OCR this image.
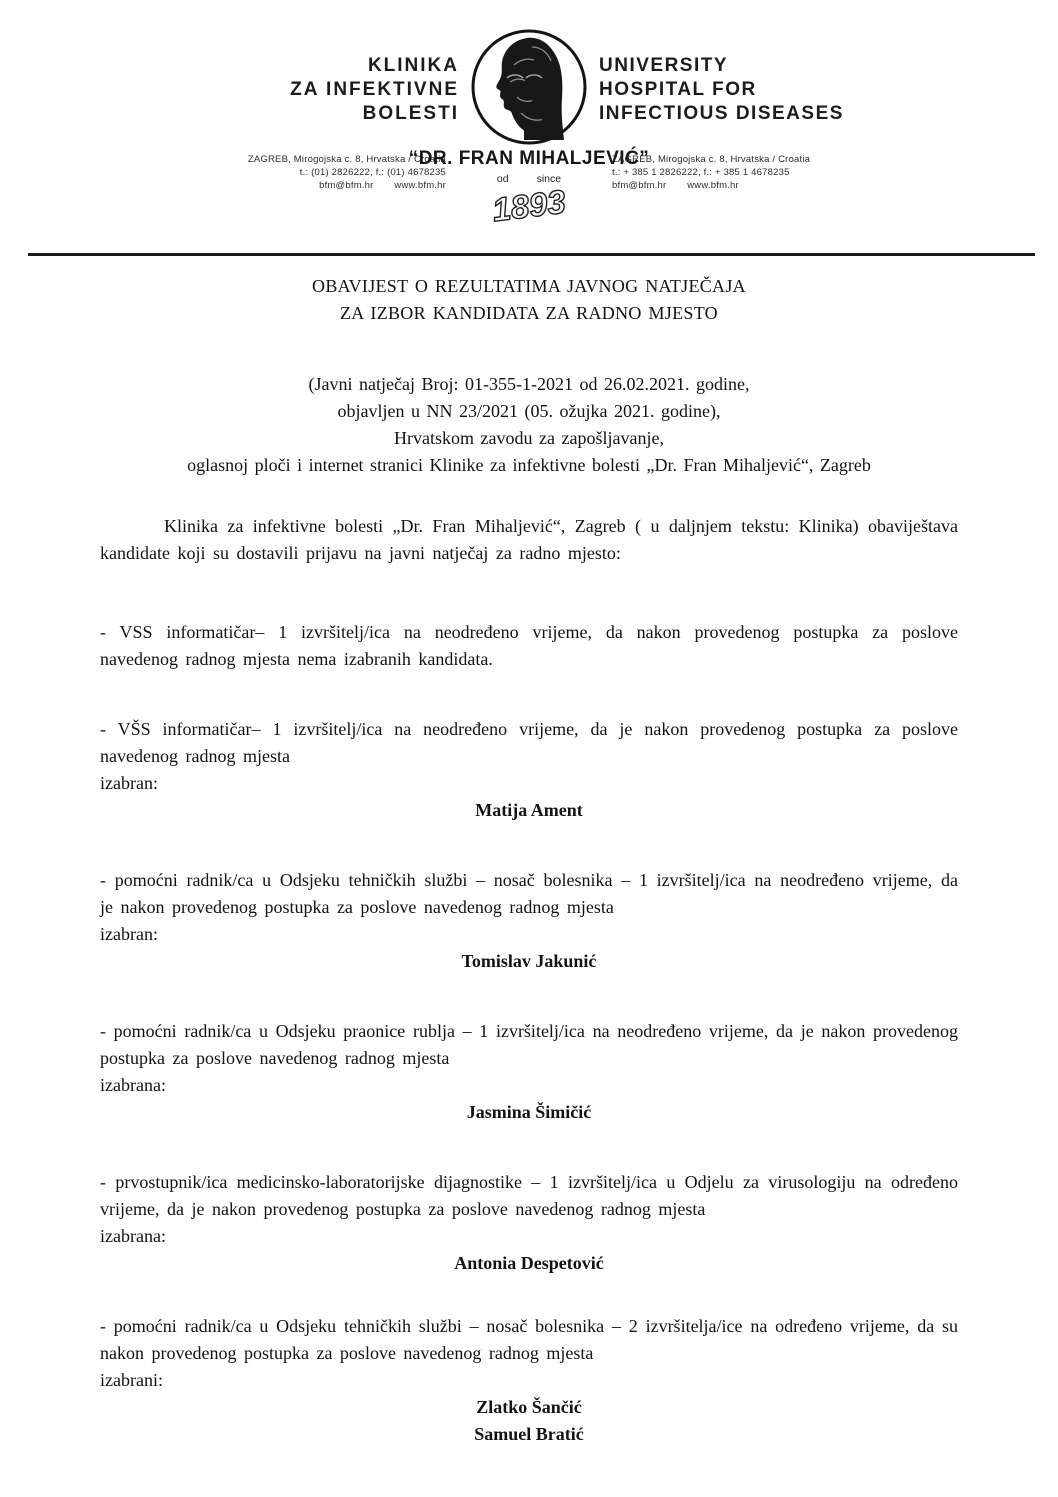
KLINIKA
ZA INFEKTIVNE
BOLESTI
UNIVERSITY
HOSPITAL FOR
INFECTIOUS DISEASES
ZAGREB, Mirogojska c. 8, Hrvatska / Croatia
t.: (01) 2826222, f.: (01) 4678235
bfm@bfm.hr www.bfm.hr
“DR. FRAN MIHALJEVIĆ”
od	since
1893
ZAGREB, Mirogojska c. 8, Hrvatska / Croatia
t.: + 385 1 2826222, f.: + 385 1 4678235
bfm@bfm.hr www.bfm.hr
OBAVIJEST O REZULTATIMA JAVNOG NATJEČAJA
ZA IZBOR KANDIDATA ZA RADNO MJESTO
(Javni natječaj Broj: 01-355-1-2021 od 26.02.2021. godine,
objavljen u NN 23/2021 (05. ožujka 2021. godine),
Hrvatskom zavodu za zapošljavanje,
oglasnoj ploči i internet stranici Klinike za infektivne bolesti „Dr. Fran Mihaljević“, Zagreb
Klinika za infektivne bolesti „Dr. Fran Mihaljević“, Zagreb ( u daljnjem tekstu: Klinika) obaviještava kandidate koji su dostavili prijavu na javni natječaj za radno mjesto:
- VSS informatičar– 1 izvršitelj/ica na neodređeno vrijeme, da nakon provedenog postupka za poslove navedenog radnog mjesta nema izabranih kandidata.
- VŠS informatičar– 1 izvršitelj/ica na neodređeno vrijeme, da je nakon provedenog postupka za poslove navedenog radnog mjesta
izabran:
Matija Ament
- pomoćni radnik/ca u Odsjeku tehničkih službi – nosač bolesnika – 1 izvršitelj/ica na neodređeno vrijeme, da je nakon provedenog postupka za poslove navedenog radnog mjesta
izabran:
Tomislav Jakunić
- pomoćni radnik/ca u Odsjeku praonice rublja – 1 izvršitelj/ica na neodređeno vrijeme, da je nakon provedenog postupka za poslove navedenog radnog mjesta
izabrana:
Jasmina Šimičić
- prvostupnik/ica medicinsko-laboratorijske dijagnostike – 1 izvršitelj/ica u Odjelu za virusologiju na određeno vrijeme, da je nakon provedenog postupka za poslove navedenog radnog mjesta
izabrana:
Antonia Despetović
- pomoćni radnik/ca u Odsjeku tehničkih službi – nosač bolesnika – 2 izvršitelja/ice na određeno vrijeme, da su nakon provedenog postupka za poslove navedenog radnog mjesta
izabrani:
Zlatko Šančić
Samuel Bratić
